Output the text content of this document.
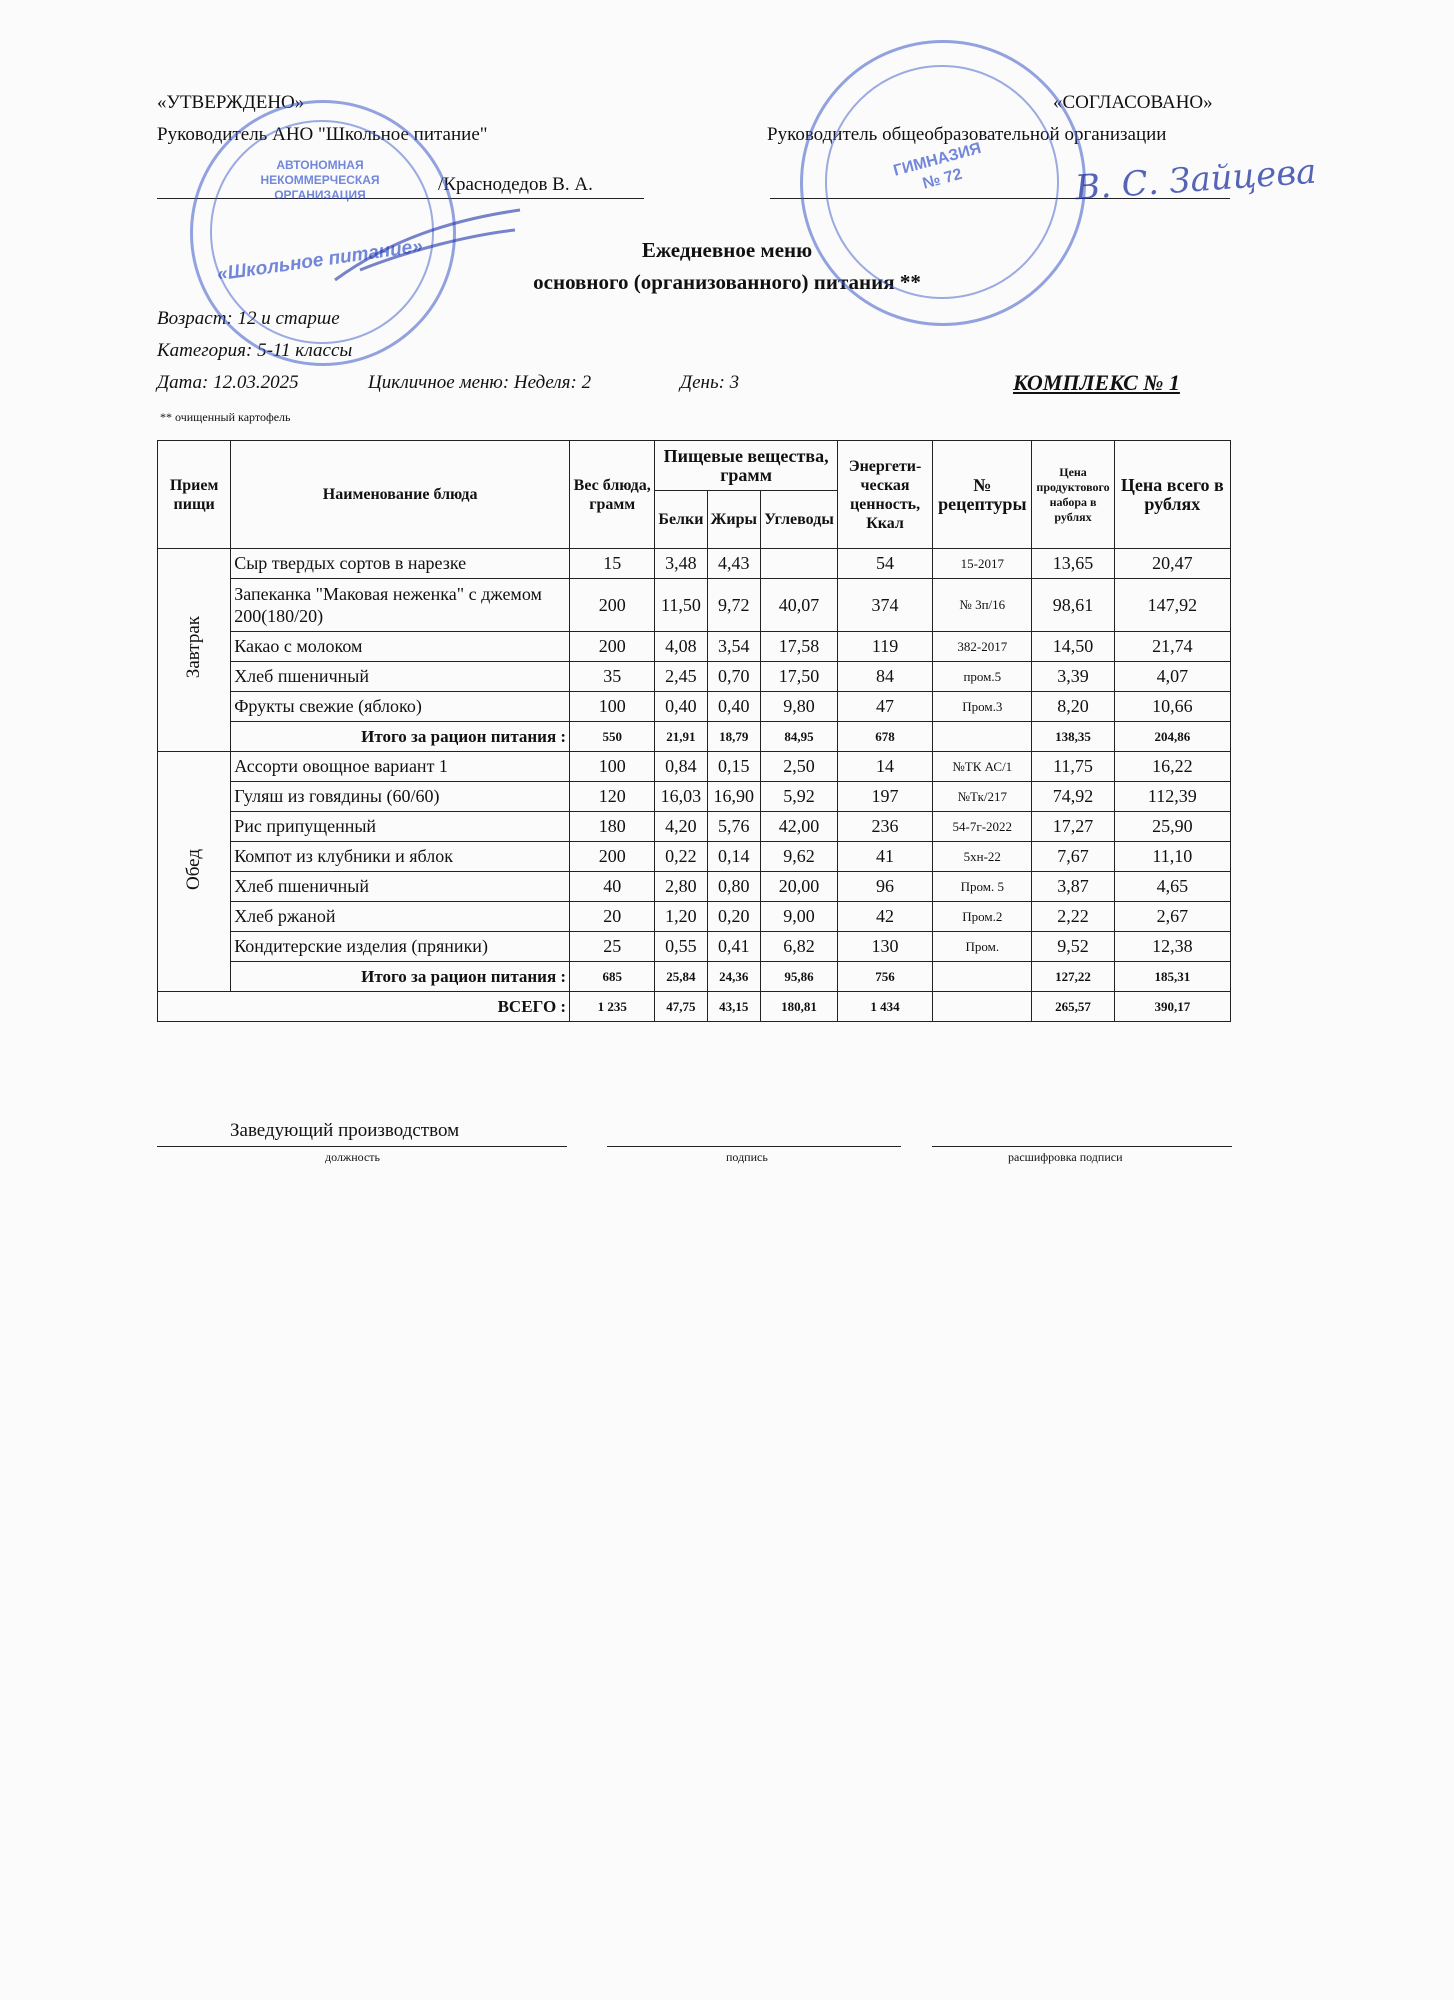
«УТВЕРЖДЕНО»
Руководитель АНО "Школьное питание"
/Краснодедов В. А.
«СОГЛАСОВАНО»
Руководитель общеобразовательной организации
Ежедневное меню
основного (организованного) питания **
Возраст: 12 и старше
Категория: 5-11 классы
Дата: 12.03.2025	Цикличное меню: Неделя: 2	День: 3	КОМПЛЕКС № 1
** очищенный картофель
Прием пищи	Наименование блюда	Вес блюда, грамм	Пищевые вещества, грамм			Энергети- ческая ценность, Ккал	№ рецептуры	Цена продуктового набора в рублях	Цена всего в рублях
			Белки	Жиры	Углеводы				
Завтрак	Сыр твердых сортов в нарезке	15	3,48	4,43		54	15-2017	13,65	20,47
	Запеканка "Маковая неженка" с джемом 200(180/20)	200	11,50	9,72	40,07	374	№ 3п/16	98,61	147,92
	Какао с молоком	200	4,08	3,54	17,58	119	382-2017	14,50	21,74
	Хлеб пшеничный	35	2,45	0,70	17,50	84	пром.5	3,39	4,07
	Фрукты свежие (яблоко)	100	0,40	0,40	9,80	47	Пром.3	8,20	10,66
	Итого за рацион питания :	550	21,91	18,79	84,95	678		138,35	204,86
Обед	Ассорти овощное вариант 1	100	0,84	0,15	2,50	14	№ТК АС/1	11,75	16,22
	Гуляш из говядины (60/60)	120	16,03	16,90	5,92	197	№Тк/217	74,92	112,39
	Рис припущенный	180	4,20	5,76	42,00	236	54-7г-2022	17,27	25,90
	Компот из клубники и яблок	200	0,22	0,14	9,62	41	5хн-22	7,67	11,10
	Хлеб пшеничный	40	2,80	0,80	20,00	96	Пром. 5	3,87	4,65
	Хлеб ржаной	20	1,20	0,20	9,00	42	Пром.2	2,22	2,67
	Кондитерские изделия (пряники)	25	0,55	0,41	6,82	130	Пром.	9,52	12,38
	Итого за рацион питания :	685	25,84	24,36	95,86	756		127,22	185,31
ВСЕГО :		1 235	47,75	43,15	180,81	1 434		265,57	390,17
Заведующий производством
должность	подпись	расшифровка подписи
АВТОНОМНАЯ НЕКОММЕРЧЕСКАЯ ОРГАНИЗАЦИЯ
«Школьное питание»
ГИМНАЗИЯ № 72	В. С. Зайцева
